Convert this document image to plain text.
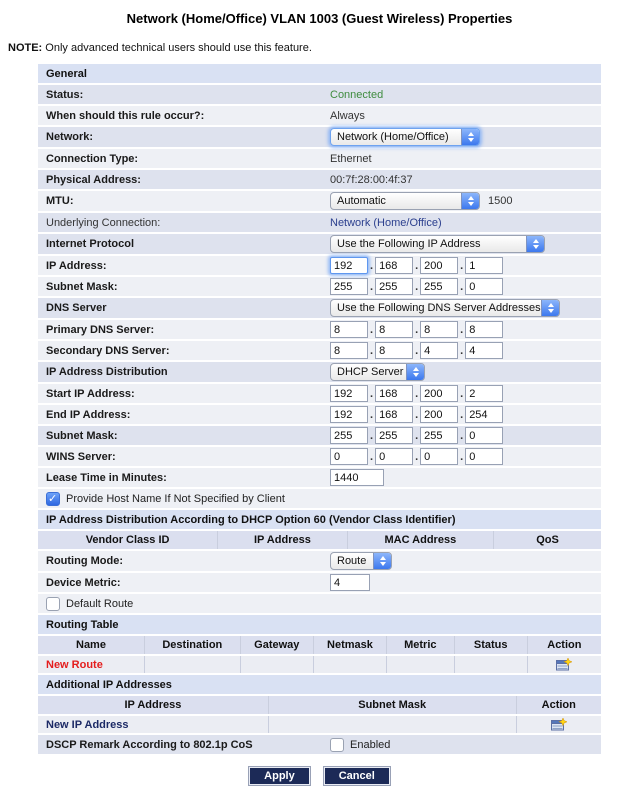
Network (Home/Office) VLAN 1003 (Guest Wireless) Properties
NOTE: Only advanced technical users should use this feature.
General
Status:	Connected
When should this rule occur?:	Always
Network:	Network (Home/Office)
Connection Type:	Ethernet
Physical Address:	00:7f:28:00:4f:37
MTU:	Automatic	1500
Underlying Connection:	Network (Home/Office)
Internet Protocol	Use the Following IP Address
IP Address:
192
.
168
.
200
.
1
Subnet Mask:
255
.
255
.
255
.
0
DNS Server	Use the Following DNS Server Addresses
Primary DNS Server:
8
.
8
.
8
.
8
Secondary DNS Server:
8
.
8
.
4
.
4
IP Address Distribution	DHCP Server
Start IP Address:
192
.
168
.
200
.
2
End IP Address:
192
.
168
.
200
.
254
Subnet Mask:
255
.
255
.
255
.
0
WINS Server:
0
.
0
.
0
.
0
Lease Time in Minutes:
1440
✓
Provide Host Name If Not Specified by Client
IP Address Distribution According to DHCP Option 60 (Vendor Class Identifier)
Vendor Class ID	IP Address	MAC Address	QoS
Routing Mode:	Route
Device Metric:
4
Default Route
Routing Table
Name	Destination	Gateway	Netmask	Metric	Status	Action
New Route
Additional IP Addresses
IP Address	Subnet Mask	Action
New IP Address
DSCP Remark According to 802.1p CoS	Enabled
Apply	Cancel
